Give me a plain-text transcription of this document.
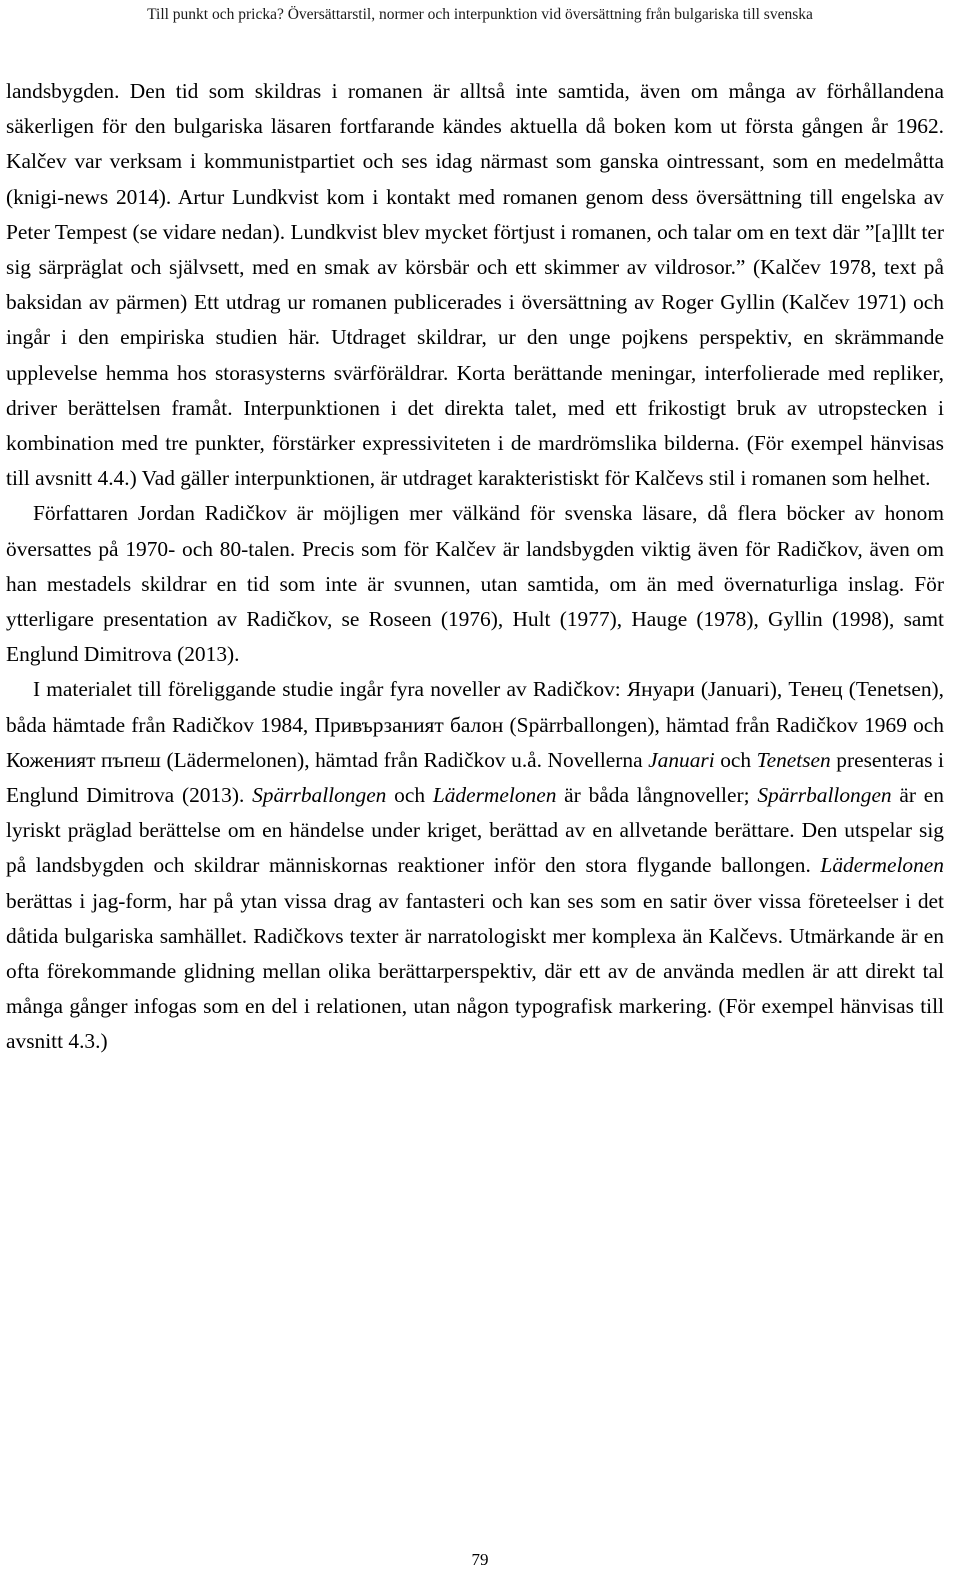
Till punkt och pricka? Översättarstil, normer och interpunktion vid översättning från bulgariska till svenska

landsbygden. Den tid som skildras i romanen är alltså inte samtida, även om många av förhållandena säkerligen för den bulgariska läsaren fortfarande kändes aktuella då boken kom ut första gången år 1962. Kalčev var verksam i kommunistpartiet och ses idag närmast som ganska ointressant, som en medelmåtta (knigi-news 2014). Artur Lundkvist kom i kontakt med romanen genom dess översättning till engelska av Peter Tempest (se vidare nedan). Lundkvist blev mycket förtjust i romanen, och talar om en text där ”[a]llt ter sig särpräglat och självsett, med en smak av körsbär och ett skimmer av vildrosor.” (Kalčev 1978, text på baksidan av pärmen) Ett utdrag ur romanen publicerades i översättning av Roger Gyllin (Kalčev 1971) och ingår i den empiriska studien här. Utdraget skildrar, ur den unge pojkens perspektiv, en skrämmande upplevelse hemma hos storasysterns svärföräldrar. Korta berättande meningar, interfolierade med repliker, driver berättelsen framåt. Interpunktionen i det direkta talet, med ett frikostigt bruk av utropstecken i kombination med tre punkter, förstärker expressiviteten i de mardrömslika bilderna. (För exempel hänvisas till avsnitt 4.4.) Vad gäller interpunktionen, är utdraget karakteristiskt för Kalčevs stil i romanen som helhet.

Författaren Jordan Radičkov är möjligen mer välkänd för svenska läsare, då flera böcker av honom översattes på 1970- och 80-talen. Precis som för Kalčev är landsbygden viktig även för Radičkov, även om han mestadels skildrar en tid som inte är svunnen, utan samtida, om än med övernaturliga inslag. För ytterligare presentation av Radičkov, se Roseen (1976), Hult (1977), Hauge (1978), Gyllin (1998), samt Englund Dimitrova (2013).

I materialet till föreliggande studie ingår fyra noveller av Radičkov: Януари (Januari), Тенец (Tenetsen), båda hämtade från Radičkov 1984, Привързаният балон (Spärrballongen), hämtad från Radičkov 1969 och Коженият пъпеш (Lädermelonen), hämtad från Radičkov u.å. Novellerna Januari och Tenetsen presenteras i Englund Dimitrova (2013). Spärrballongen och Lädermelonen är båda långnoveller; Spärrballongen är en lyriskt präglad berättelse om en händelse under kriget, berättad av en allvetande berättare. Den utspelar sig på landsbygden och skildrar människornas reaktioner inför den stora flygande ballongen. Lädermelonen berättas i jag-form, har på ytan vissa drag av fantasteri och kan ses som en satir över vissa företeelser i det dåtida bulgariska samhället. Radičkovs texter är narratologiskt mer komplexa än Kalčevs. Utmärkande är en ofta förekommande glidning mellan olika berättarperspektiv, där ett av de använda medlen är att direkt tal många gånger infogas som en del i relationen, utan någon typografisk markering. (För exempel hänvisas till avsnitt 4.3.)

79
